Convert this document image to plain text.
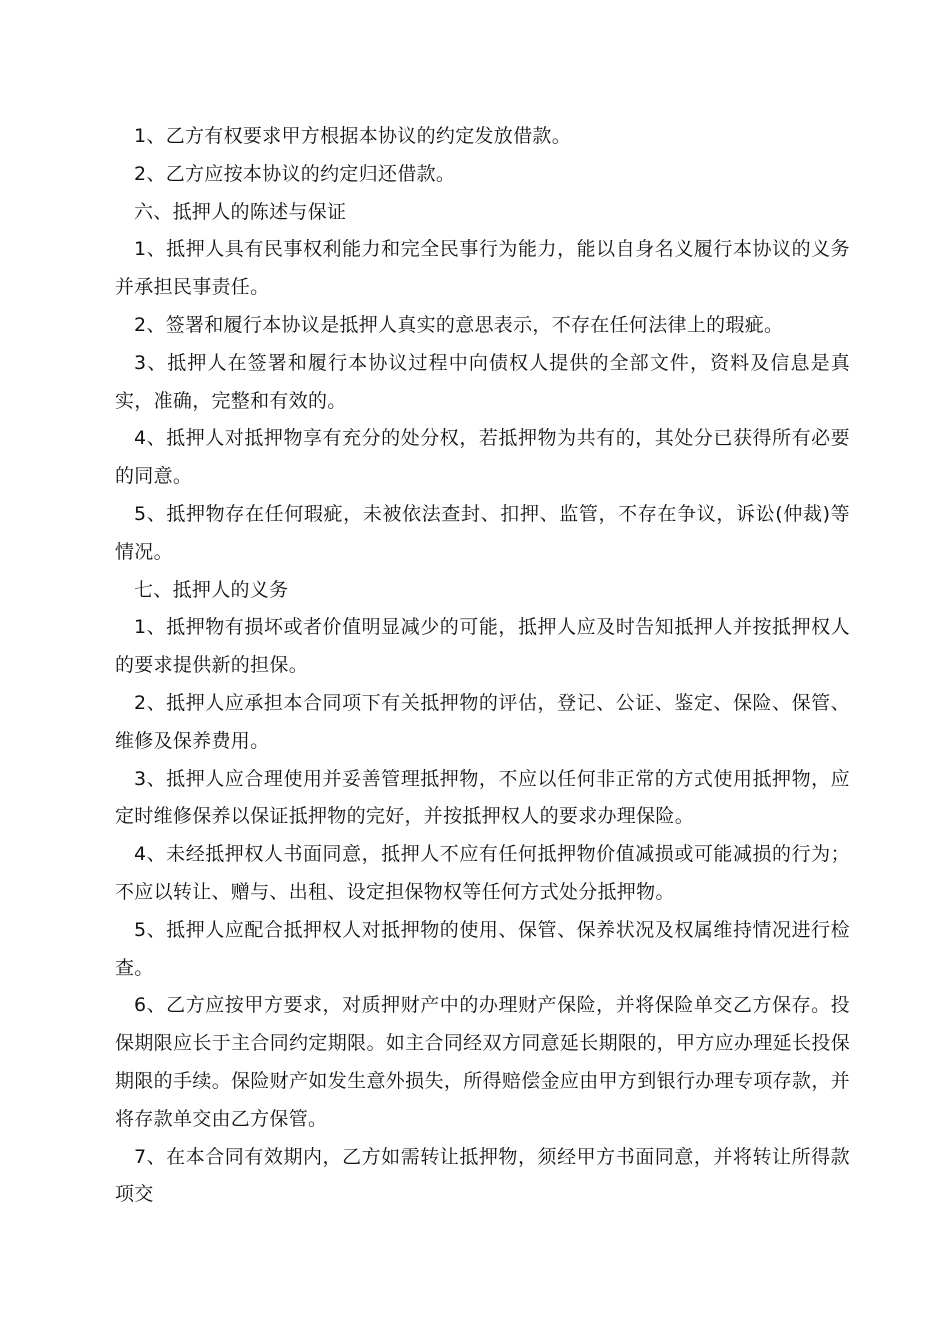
1、乙方有权要求甲方根据本协议的约定发放借款。

2、乙方应按本协议的约定归还借款。

六、抵押人的陈述与保证

1、抵押人具有民事权利能力和完全民事行为能力，能以自身名义履行本协议的义务并承担民事责任。

2、签署和履行本协议是抵押人真实的意思表示，不存在任何法律上的瑕疵。

3、抵押人在签署和履行本协议过程中向债权人提供的全部文件，资料及信息是真实，准确，完整和有效的。

4、抵押人对抵押物享有充分的处分权，若抵押物为共有的，其处分已获得所有必要的同意。

5、抵押物存在任何瑕疵，未被依法查封、扣押、监管，不存在争议，诉讼(仲裁)等情况。

七、抵押人的义务

1、抵押物有损坏或者价值明显减少的可能，抵押人应及时告知抵押人并按抵押权人的要求提供新的担保。

2、抵押人应承担本合同项下有关抵押物的评估，登记、公证、鉴定、保险、保管、维修及保养费用。

3、抵押人应合理使用并妥善管理抵押物，不应以任何非正常的方式使用抵押物，应定时维修保养以保证抵押物的完好，并按抵押权人的要求办理保险。

4、未经抵押权人书面同意，抵押人不应有任何抵押物价值减损或可能减损的行为；不应以转让、赠与、出租、设定担保物权等任何方式处分抵押物。

5、抵押人应配合抵押权人对抵押物的使用、保管、保养状况及权属维持情况进行检查。

6、乙方应按甲方要求，对质押财产中的办理财产保险，并将保险单交乙方保存。投保期限应长于主合同约定期限。如主合同经双方同意延长期限的，甲方应办理延长投保期限的手续。保险财产如发生意外损失，所得赔偿金应由甲方到银行办理专项存款，并将存款单交由乙方保管。

7、在本合同有效期内，乙方如需转让抵押物，须经甲方书面同意，并将转让所得款项交
